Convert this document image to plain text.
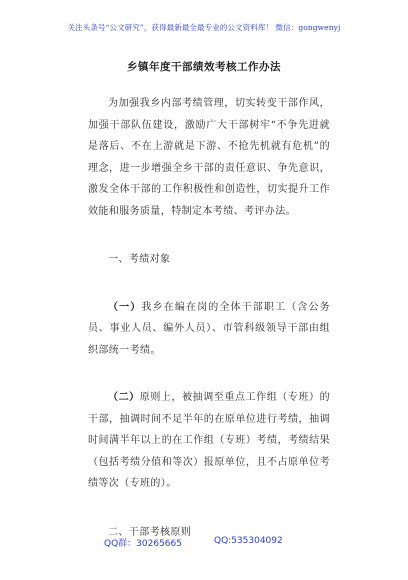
关注头条号“公文研究”，获得最新最全最专业的公文资料库！ 微信：gongwenyj
乡镇年度干部绩效考核工作办法

为加强我乡内部考绩管理，切实转变干部作风，加强干部队伍建设，激励广大干部树牢“不争先进就是落后、不在上游就是下游、不抢先机就有危机”的理念，进一步增强全乡干部的责任意识、争先意识，激发全体干部的工作积极性和创造性，切实提升工作效能和服务质量，特制定本考绩、考评办法。

一、考绩对象

（一）我乡在编在岗的全体干部职工（含公务员、事业人员、编外人员）、市管科级领导干部由组织部统一考绩。

（二）原则上，被抽调至重点工作组（专班）的干部，抽调时间不足半年的在原单位进行考绩，抽调时间满半年以上的在工作组（专班）考绩，考绩结果（包括考绩分值和等次）报原单位，且不占原单位考绩等次（专班的）。

二、干部考核原则

QQ群：30265665	QQ:535304092
